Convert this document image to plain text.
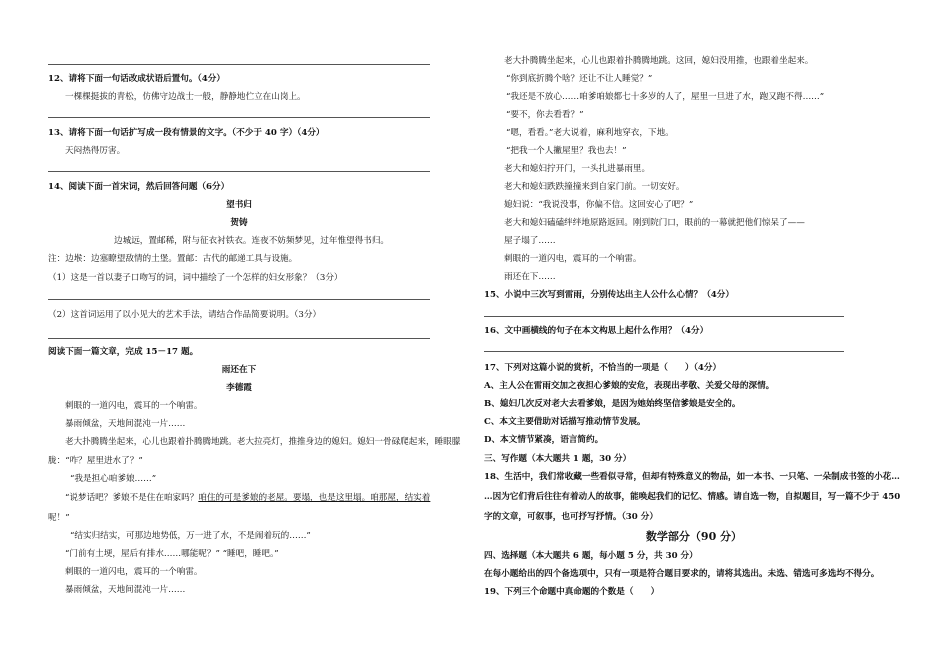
12、请将下面一句话改成状语后置句。（4分）
一棵棵挺拔的青松，仿佛守边战士一般，静静地伫立在山岗上。
13、请将下面一句话扩写成一段有情景的文字。（不少于 40 字）（4分）
天闷热得厉害。
14、阅读下面一首宋词，然后回答问题（6分）
望书归
贺铸
边城远，置邮稀，附与征衣衬铁衣。连夜不妨频梦见，过年惟望得书归。
注：边堠：边塞瞭望敌情的土堡。置邮：古代的邮递工具与设施。
（1）这是一首以妻子口吻写的词，词中描绘了一个怎样的妇女形象？（3分）
（2）这首词运用了以小见大的艺术手法，请结合作品简要说明。（3分）
阅读下面一篇文章，完成 15－17 题。
雨还在下
李德霞
刺眼的一道闪电，震耳的一个响雷。
暴雨倾盆，天地间混沌一片……
老大扑腾腾坐起来，心儿也跟着扑腾腾地跳。老大拉亮灯，推推身边的媳妇。媳妇一骨碌爬起来，睡眼朦
胧：“咋？屋里进水了？”
“我是担心咱爹娘……”
“说梦话吧？爹娘不是住在咱家吗？咱住的可是爹娘的老屋。要塌，也是这里塌。咱那屋，结实着
呢！”
“结实归结实，可那边地势低，万一进了水，不是闹着玩的……”
“门前有土埂，屋后有排水……哪能呢？” “睡吧，睡吧。”
刺眼的一道闪电，震耳的一个响雷。
暴雨倾盆，天地间混沌一片……
老大扑腾腾坐起来，心儿也跟着扑腾腾地跳。这回，媳妇没用推，也跟着坐起来。
“你到底折腾个啥？还让不让人睡觉？”
“我还是不放心……咱爹咱娘都七十多岁的人了，屋里一旦进了水，跑又跑不得……”
“要不，你去看看？”
“嗯，看看。”老大说着，麻利地穿衣，下地。
“把我一个人撇屋里？我也去！”
老大和媳妇拧开门，一头扎进暴雨里。
老大和媳妇跌跌撞撞来到自家门前。一切安好。
媳妇说：“我说没事，你偏不信。这回安心了吧？”
老大和媳妇磕磕绊绊地原路返回。刚到院门口，眼前的一幕就把他们惊呆了——
屋子塌了……
刺眼的一道闪电，震耳的一个响雷。
雨还在下……
15、小说中三次写到雷雨，分别传达出主人公什么心情？（4分）
16、文中画横线的句子在本文构思上起什么作用？（4分）
17、下列对这篇小说的赏析，不恰当的一项是（　　）（4分）
A、主人公在雷雨交加之夜担心爹娘的安危，表现出孝敬、关爱父母的深情。
B、媳妇几次反对老大去看爹娘，是因为她始终坚信爹娘是安全的。
C、本文主要借助对话描写推动情节发展。
D、本文情节紧凑，语言简约。
三、写作题（本大题共 1 题，30 分）
18、生活中，我们常收藏一些看似寻常，但却有特殊意义的物品，如一本书、一只笔、一朵制成书签的小花…
…因为它们背后往往有着动人的故事，能唤起我们的记忆、情感。请自选一物，自拟题目，写一篇不少于 450
字的文章，可叙事，也可抒写抒情。（30 分）
数学部分（90 分）
四、选择题（本大题共 6 题，每小题 5 分，共 30 分）
在每小题给出的四个备选项中，只有一项是符合题目要求的，请将其选出。未选、错选可多选均不得分。
19、下列三个命题中真命题的个数是（　　）
